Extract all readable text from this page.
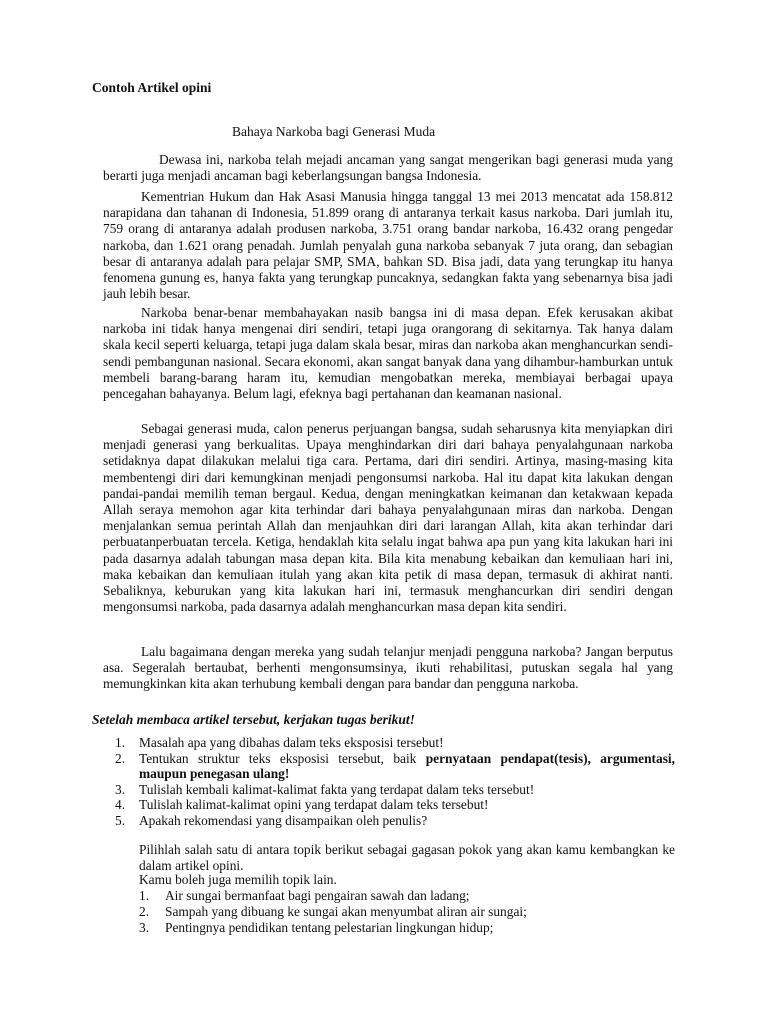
Contoh Artikel opini
Bahaya Narkoba bagi Generasi Muda

Dewasa ini, narkoba telah mejadi ancaman yang sangat mengerikan bagi generasi muda yang berarti juga menjadi ancaman bagi keberlangsungan bangsa Indonesia.

Kementrian Hukum dan Hak Asasi Manusia hingga tanggal 13 mei 2013 mencatat ada 158.812 narapidana dan tahanan di Indonesia, 51.899 orang di antaranya terkait kasus narkoba. Dari jumlah itu, 759 orang di antaranya adalah produsen narkoba, 3.751 orang bandar narkoba, 16.432 orang pengedar narkoba, dan 1.621 orang penadah. Jumlah penyalah guna narkoba sebanyak 7 juta orang, dan sebagian besar di antaranya adalah para pelajar SMP, SMA, bahkan SD. Bisa jadi, data yang terungkap itu hanya fenomena gunung es, hanya fakta yang terungkap puncaknya, sedangkan fakta yang sebenarnya bisa jadi jauh lebih besar.

Narkoba benar-benar membahayakan nasib bangsa ini di masa depan. Efek kerusakan akibat narkoba ini tidak hanya mengenai diri sendiri, tetapi juga orangorang di sekitarnya. Tak hanya dalam skala kecil seperti keluarga, tetapi juga dalam skala besar, miras dan narkoba akan menghancurkan sendi-sendi pembangunan nasional. Secara ekonomi, akan sangat banyak dana yang dihambur-hamburkan untuk membeli barang-barang haram itu, kemudian mengobatkan mereka, membiayai berbagai upaya pencegahan bahayanya. Belum lagi, efeknya bagi pertahanan dan keamanan nasional.

Sebagai generasi muda, calon penerus perjuangan bangsa, sudah seharusnya kita menyiapkan diri menjadi generasi yang berkualitas. Upaya menghindarkan diri dari bahaya penyalahgunaan narkoba setidaknya dapat dilakukan melalui tiga cara. Pertama, dari diri sendiri. Artinya, masing-masing kita membentengi diri dari kemungkinan menjadi pengonsumsi narkoba. Hal itu dapat kita lakukan dengan pandai-pandai memilih teman bergaul. Kedua, dengan meningkatkan keimanan dan ketakwaan kepada Allah seraya memohon agar kita terhindar dari bahaya penyalahgunaan miras dan narkoba. Dengan menjalankan semua perintah Allah dan menjauhkan diri dari larangan Allah, kita akan terhindar dari perbuatanperbuatan tercela. Ketiga, hendaklah kita selalu ingat bahwa apa pun yang kita lakukan hari ini pada dasarnya adalah tabungan masa depan kita. Bila kita menabung kebaikan dan kemuliaan hari ini, maka kebaikan dan kemuliaan itulah yang akan kita petik di masa depan, termasuk di akhirat nanti. Sebaliknya, keburukan yang kita lakukan hari ini, termasuk menghancurkan diri sendiri dengan mengonsumsi narkoba, pada dasarnya adalah menghancurkan masa depan kita sendiri.

Lalu bagaimana dengan mereka yang sudah telanjur menjadi pengguna narkoba? Jangan berputus asa. Segeralah bertaubat, berhenti mengonsumsinya, ikuti rehabilitasi, putuskan segala hal yang memungkinkan kita akan terhubung kembali dengan para bandar dan pengguna narkoba.

Setelah membaca artikel tersebut, kerjakan tugas berikut!
1. Masalah apa yang dibahas dalam teks eksposisi tersebut!
2. Tentukan struktur teks eksposisi tersebut, baik pernyataan pendapat(tesis), argumentasi, maupun penegasan ulang!
3. Tulislah kembali kalimat-kalimat fakta yang terdapat dalam teks tersebut!
4. Tulislah kalimat-kalimat opini yang terdapat dalam teks tersebut!
5. Apakah rekomendasi yang disampaikan oleh penulis?

Pilihlah salah satu di antara topik berikut sebagai gagasan pokok yang akan kamu kembangkan ke dalam artikel opini.

Kamu boleh juga memilih topik lain.
1. Air sungai bermanfaat bagi pengairan sawah dan ladang;
2. Sampah yang dibuang ke sungai akan menyumbat aliran air sungai;
3. Pentingnya pendidikan tentang pelestarian lingkungan hidup;
